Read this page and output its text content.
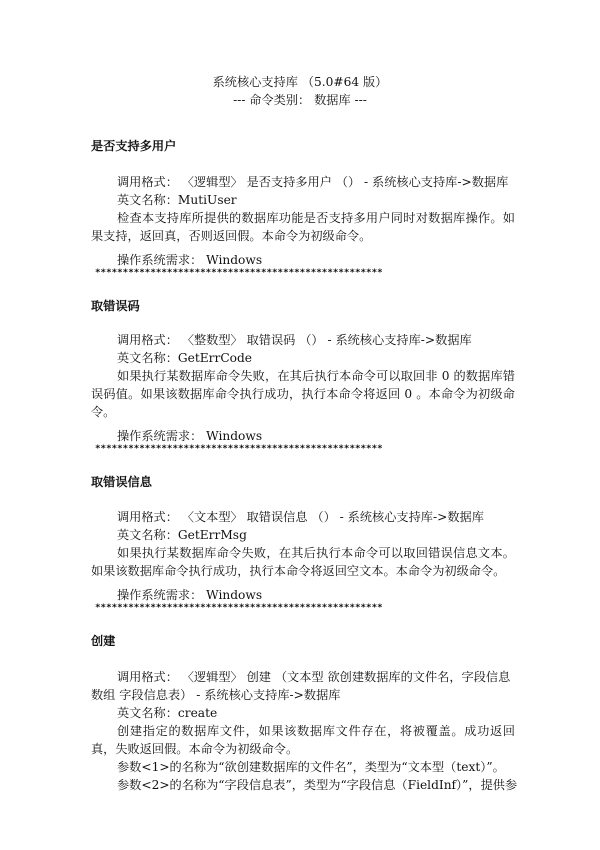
系统核心支持库 （5.0#64 版）
--- 命令类别： 数据库 ---
是否支持多用户
调用格式： 〈逻辑型〉 是否支持多用户 （） - 系统核心支持库->数据库
英文名称：MutiUser
检查本支持库所提供的数据库功能是否支持多用户同时对数据库操作。如果支持，返回真，否则返回假。本命令为初级命令。
操作系统需求： Windows
****************************************************
取错误码
调用格式： 〈整数型〉 取错误码 （） - 系统核心支持库->数据库
英文名称：GetErrCode
如果执行某数据库命令失败，在其后执行本命令可以取回非 0 的数据库错误码值。如果该数据库命令执行成功，执行本命令将返回 0 。本命令为初级命令。
操作系统需求： Windows
****************************************************
取错误信息
调用格式： 〈文本型〉 取错误信息 （） - 系统核心支持库->数据库
英文名称：GetErrMsg
如果执行某数据库命令失败，在其后执行本命令可以取回错误信息文本。如果该数据库命令执行成功，执行本命令将返回空文本。本命令为初级命令。
操作系统需求： Windows
****************************************************
创建
调用格式： 〈逻辑型〉 创建 （文本型 欲创建数据库的文件名，字段信息
数组 字段信息表） - 系统核心支持库->数据库
英文名称：create
创建指定的数据库文件，如果该数据库文件存在，将被覆盖。成功返回真，失败返回假。本命令为初级命令。
参数<1>的名称为“欲创建数据库的文件名”，类型为“文本型（text）”。
参数<2>的名称为“字段信息表”，类型为“字段信息（FieldInf）”，提供参
